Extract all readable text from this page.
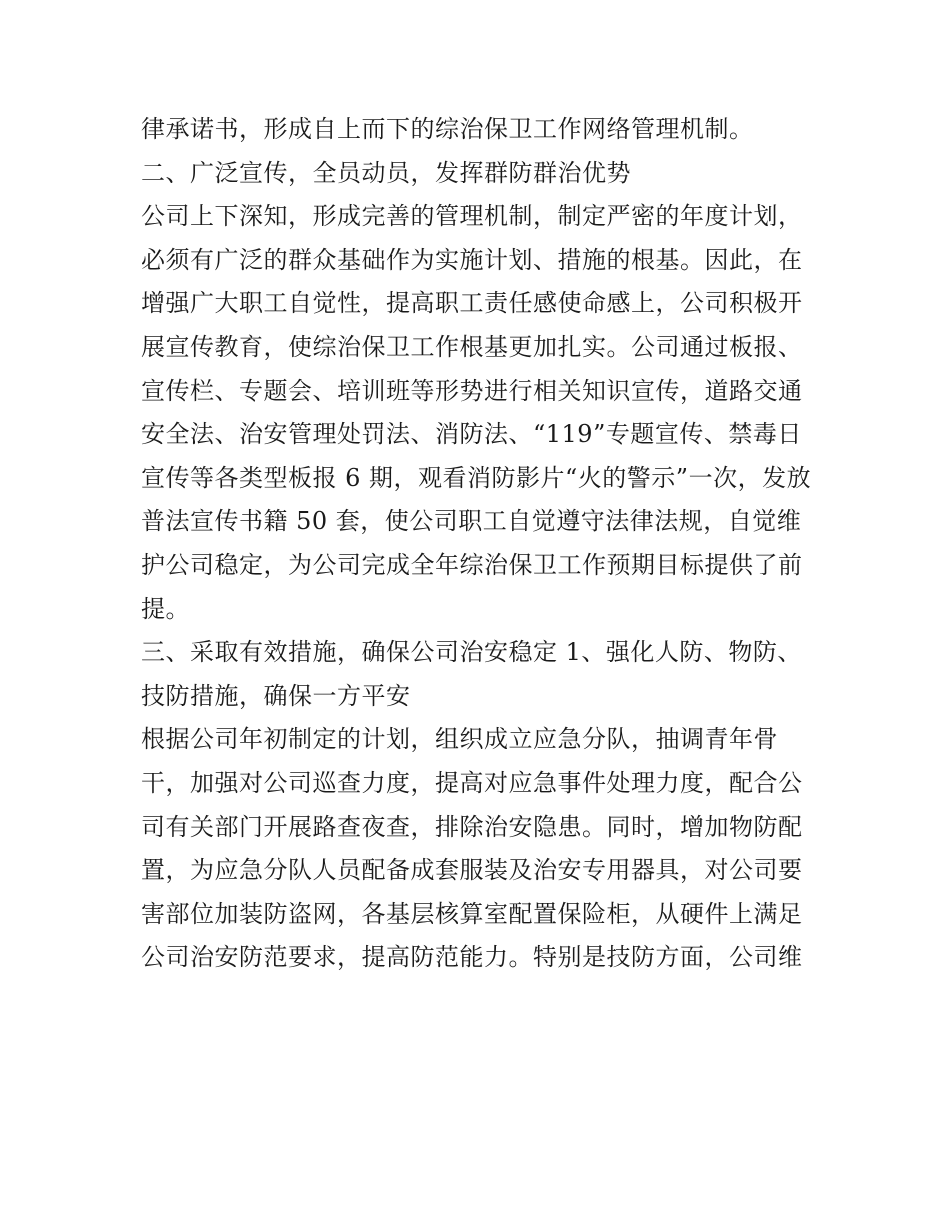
律承诺书，形成自上而下的综治保卫工作网络管理机制。
二、广泛宣传，全员动员，发挥群防群治优势
公司上下深知，形成完善的管理机制，制定严密的年度计划，
必须有广泛的群众基础作为实施计划、措施的根基。因此，在
增强广大职工自觉性，提高职工责任感使命感上，公司积极开
展宣传教育，使综治保卫工作根基更加扎实。公司通过板报、
宣传栏、专题会、培训班等形势进行相关知识宣传，道路交通
安全法、治安管理处罚法、消防法、“119”专题宣传、禁毒日
宣传等各类型板报 6 期，观看消防影片“火的警示”一次，发放
普法宣传书籍 50 套，使公司职工自觉遵守法律法规，自觉维
护公司稳定，为公司完成全年综治保卫工作预期目标提供了前
提。
三、采取有效措施，确保公司治安稳定 1、强化人防、物防、
技防措施，确保一方平安
根据公司年初制定的计划，组织成立应急分队，抽调青年骨
干，加强对公司巡查力度，提高对应急事件处理力度，配合公
司有关部门开展路查夜查，排除治安隐患。同时，增加物防配
置，为应急分队人员配备成套服装及治安专用器具，对公司要
害部位加装防盗网，各基层核算室配置保险柜，从硬件上满足
公司治安防范要求，提高防范能力。特别是技防方面，公司维
